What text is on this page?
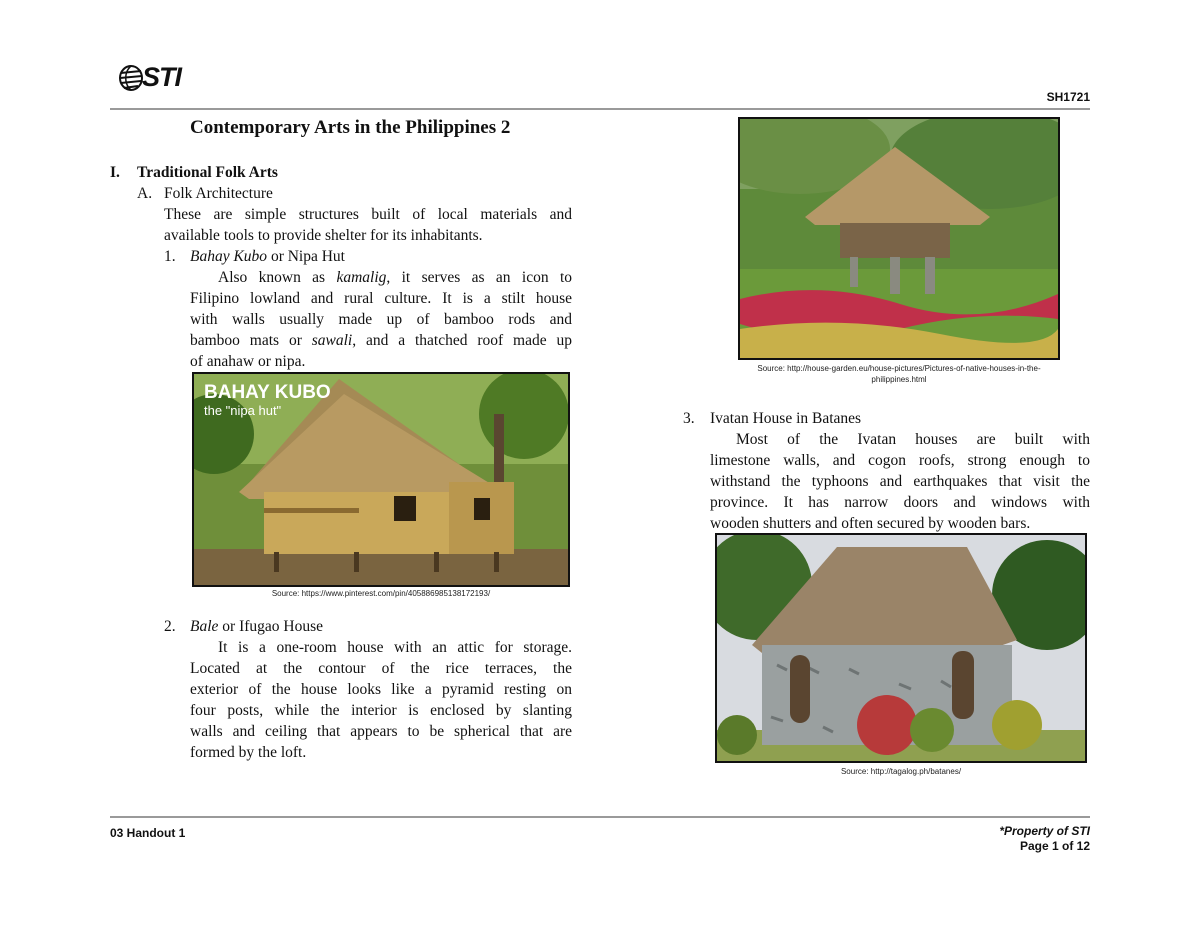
STI
SH1721
Contemporary Arts in the Philippines 2
I. Traditional Folk Arts
A. Folk Architecture
These are simple structures built of local materials and
available tools to provide shelter for its inhabitants.
1. Bahay Kubo or Nipa Hut
Also known as kamalig, it serves as an icon to
Filipino lowland and rural culture. It is a stilt house
with walls usually made up of bamboo rods and
bamboo mats or sawali, and a thatched roof made up
of anahaw or nipa.
BAHAY KUBO
the "nipa hut"
Source: https://www.pinterest.com/pin/405886985138172193/
2. Bale or Ifugao House
It is a one-room house with an attic for storage.
Located at the contour of the rice terraces, the
exterior of the house looks like a pyramid resting on
four posts, while the interior is enclosed by slanting
walls and ceiling that appears to be spherical that are
formed by the loft.
Source: http://house-garden.eu/house-pictures/Pictures-of-native-houses-in-the-
philippines.html
3. Ivatan House in Batanes
Most of the Ivatan houses are built with
limestone walls, and cogon roofs, strong enough to
withstand the typhoons and earthquakes that visit the
province. It has narrow doors and windows with
wooden shutters and often secured by wooden bars.
Source: http://tagalog.ph/batanes/
03 Handout 1	*Property of STI
Page 1 of 12
